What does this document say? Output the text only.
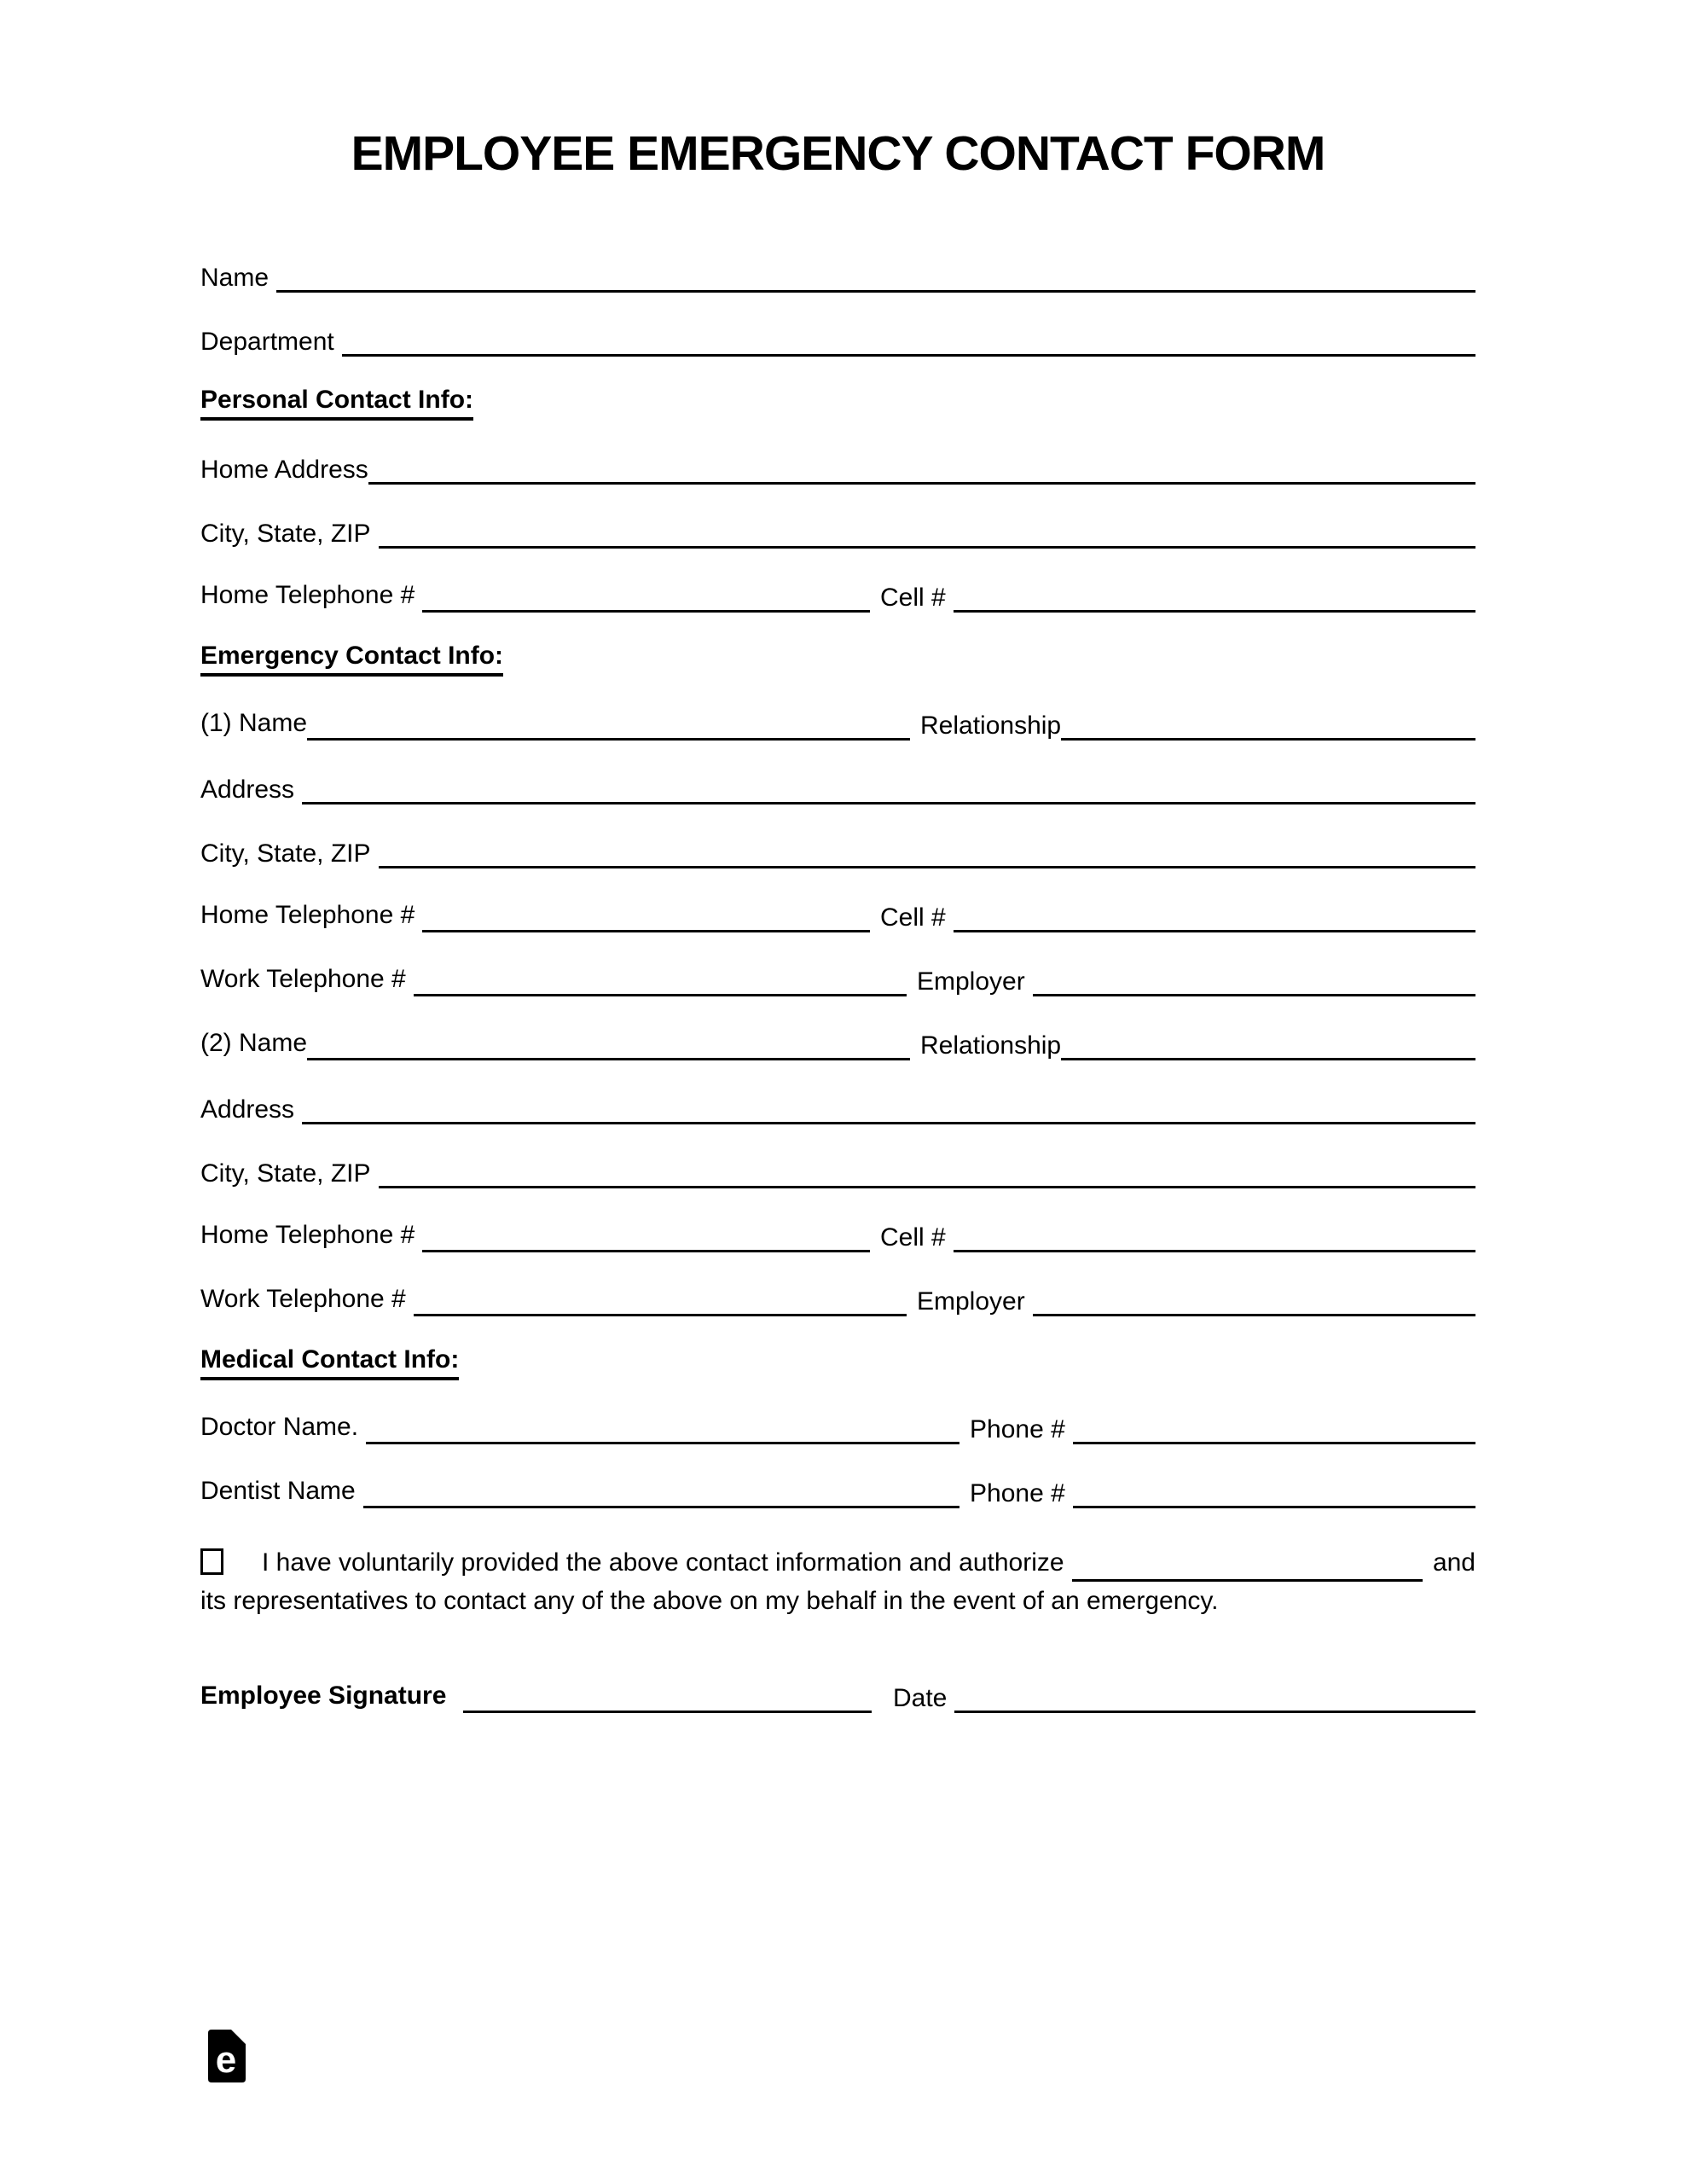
EMPLOYEE EMERGENCY CONTACT FORM
Name
Department
Personal Contact Info:
Home Address
City, State, ZIP
Home Telephone #	Cell #
Emergency Contact Info:
(1) Name	Relationship
Address
City, State, ZIP
Home Telephone #	Cell #
Work Telephone #	Employer
(2) Name	Relationship
Address
City, State, ZIP
Home Telephone #	Cell #
Work Telephone #	Employer
Medical Contact Info:
Doctor Name.	Phone #
Dentist Name	Phone #
I have voluntarily provided the above contact information and authorize	and
its representatives to contact any of the above on my behalf in the event of an emergency.
Employee Signature	Date
e
